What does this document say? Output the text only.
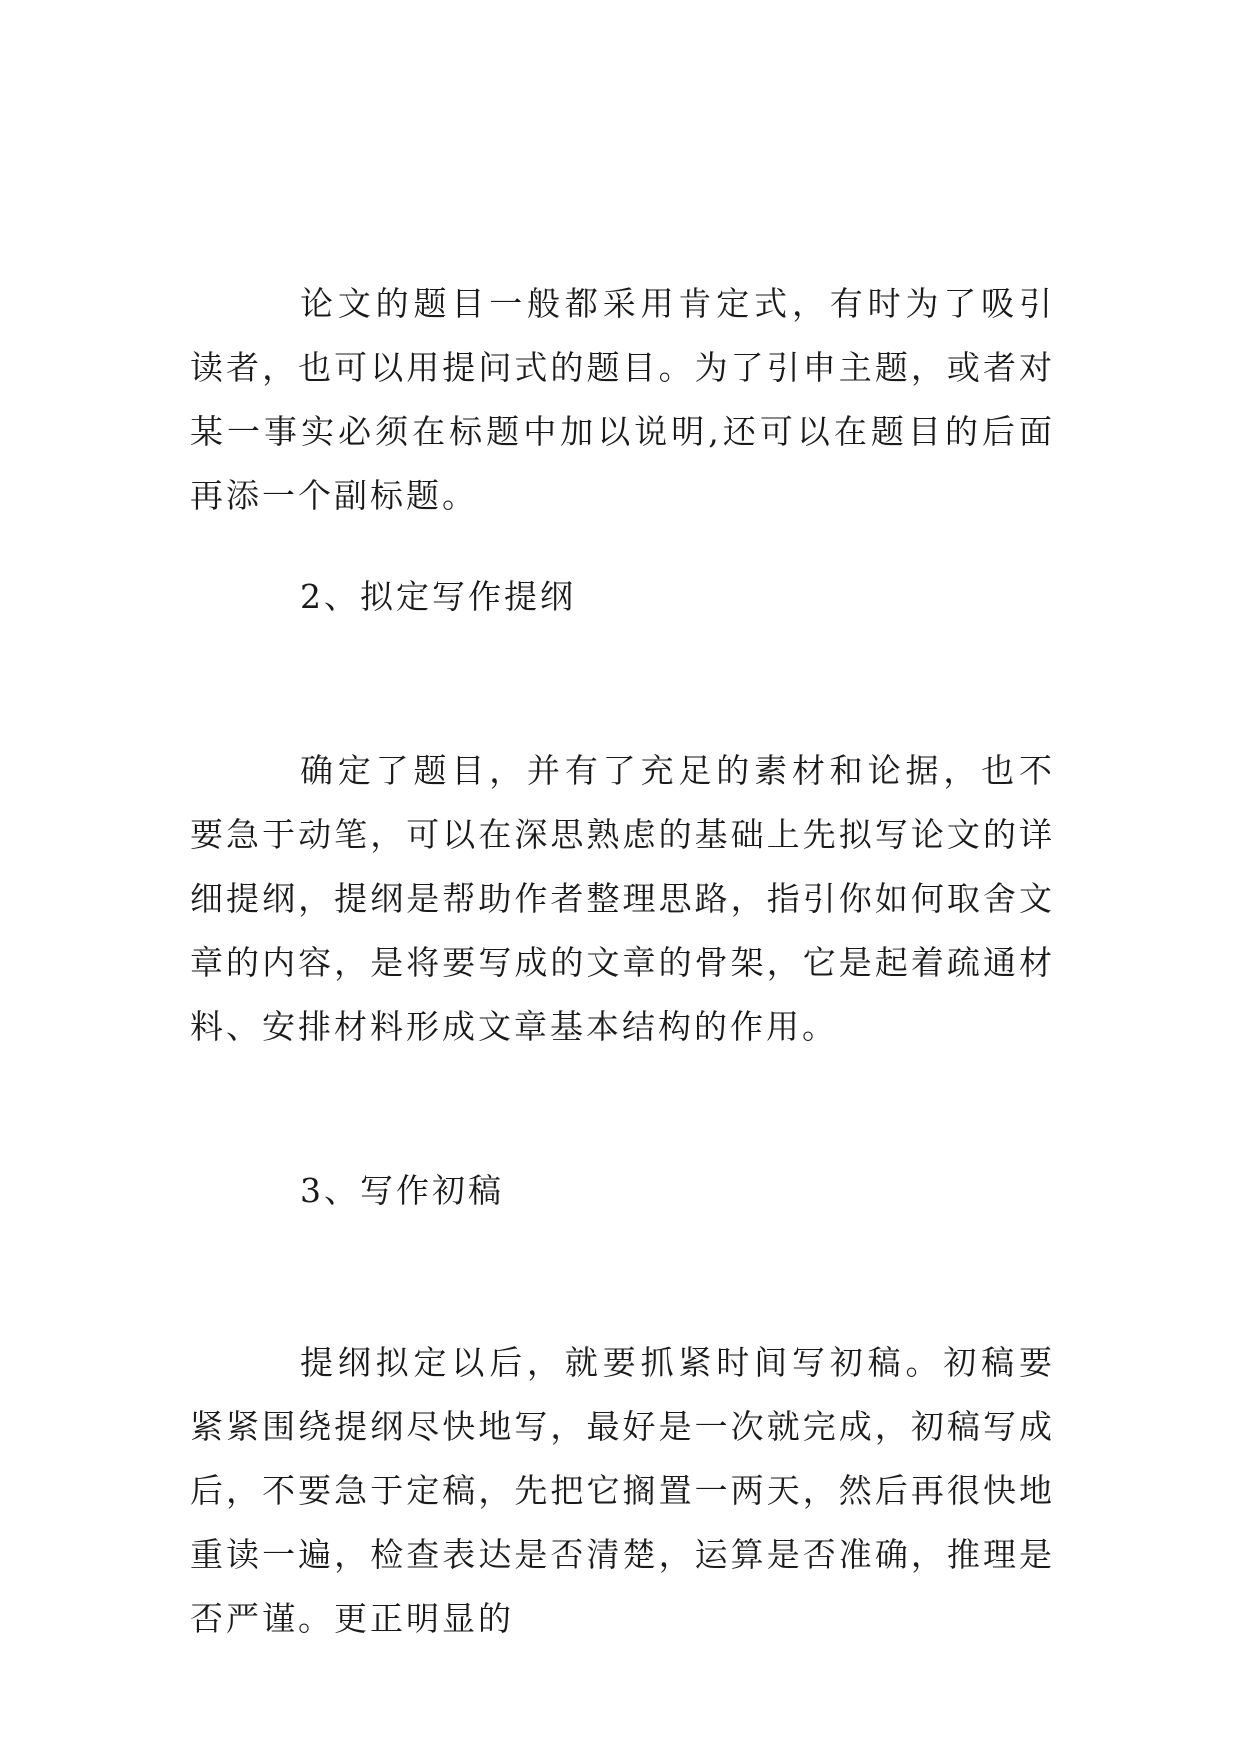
论文的题目一般都采用肯定式，有时为了吸引读者，也可以用提问式的题目。为了引申主题，或者对某一事实必须在标题中加以说明,还可以在题目的后面再添一个副标题。

2、拟定写作提纲

确定了题目，并有了充足的素材和论据，也不要急于动笔，可以在深思熟虑的基础上先拟写论文的详细提纲，提纲是帮助作者整理思路，指引你如何取舍文章的内容，是将要写成的文章的骨架，它是起着疏通材料、安排材料形成文章基本结构的作用。

3、写作初稿

提纲拟定以后，就要抓紧时间写初稿。初稿要紧紧围绕提纲尽快地写，最好是一次就完成，初稿写成后，不要急于定稿，先把它搁置一两天，然后再很快地重读一遍，检查表达是否清楚，运算是否准确，推理是否严谨。更正明显的
